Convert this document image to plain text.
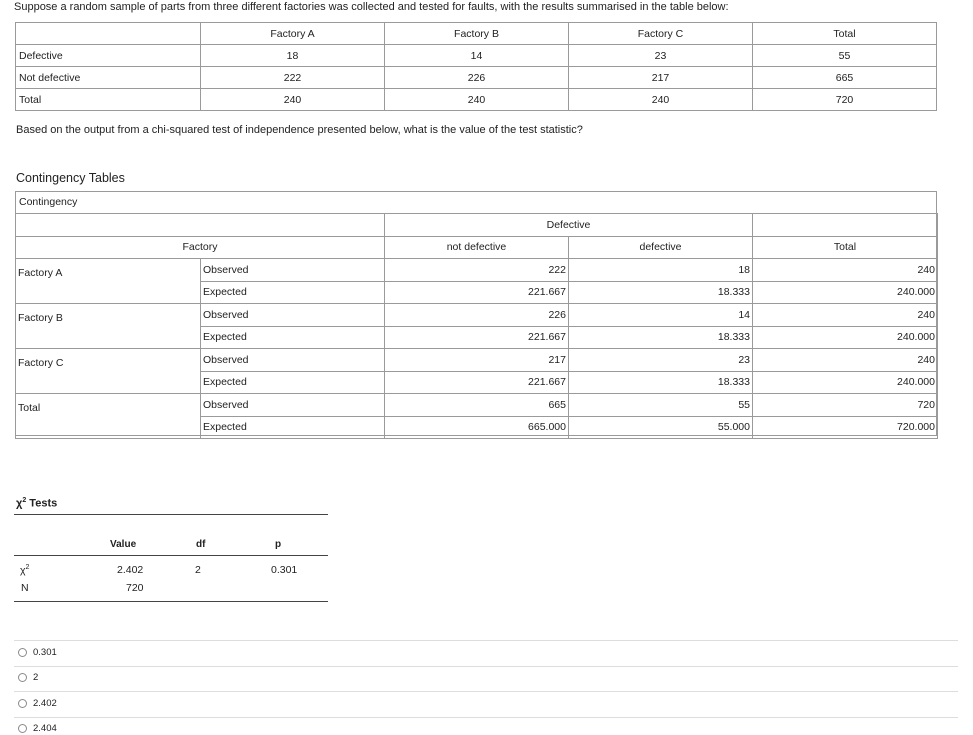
Suppose a random sample of parts from three different factories was collected and tested for faults, with the results summarised in the table below:
	Factory A	Factory B	Factory C	Total
Defective	18	14	23	55
Not defective	222	226	217	665
Total	240	240	240	720
Based on the output from a chi-squared test of independence presented below, what is the value of the test statistic?
Contingency Tables
Contingency
		Defective		
Factory		not defective	defective	Total
Factory A	Observed	222	18	240
	Expected	221.667	18.333	240.000
Factory B	Observed	226	14	240
	Expected	221.667	18.333	240.000
Factory C	Observed	217	23	240
	Expected	221.667	18.333	240.000
Total	Observed	665	55	720
	Expected	665.000	55.000	720.000
$\chi^2$ Tests
Value	df	p
$\chi^2$	2.402	2	0.301
N	720
0.301
2
2.402
2.404
